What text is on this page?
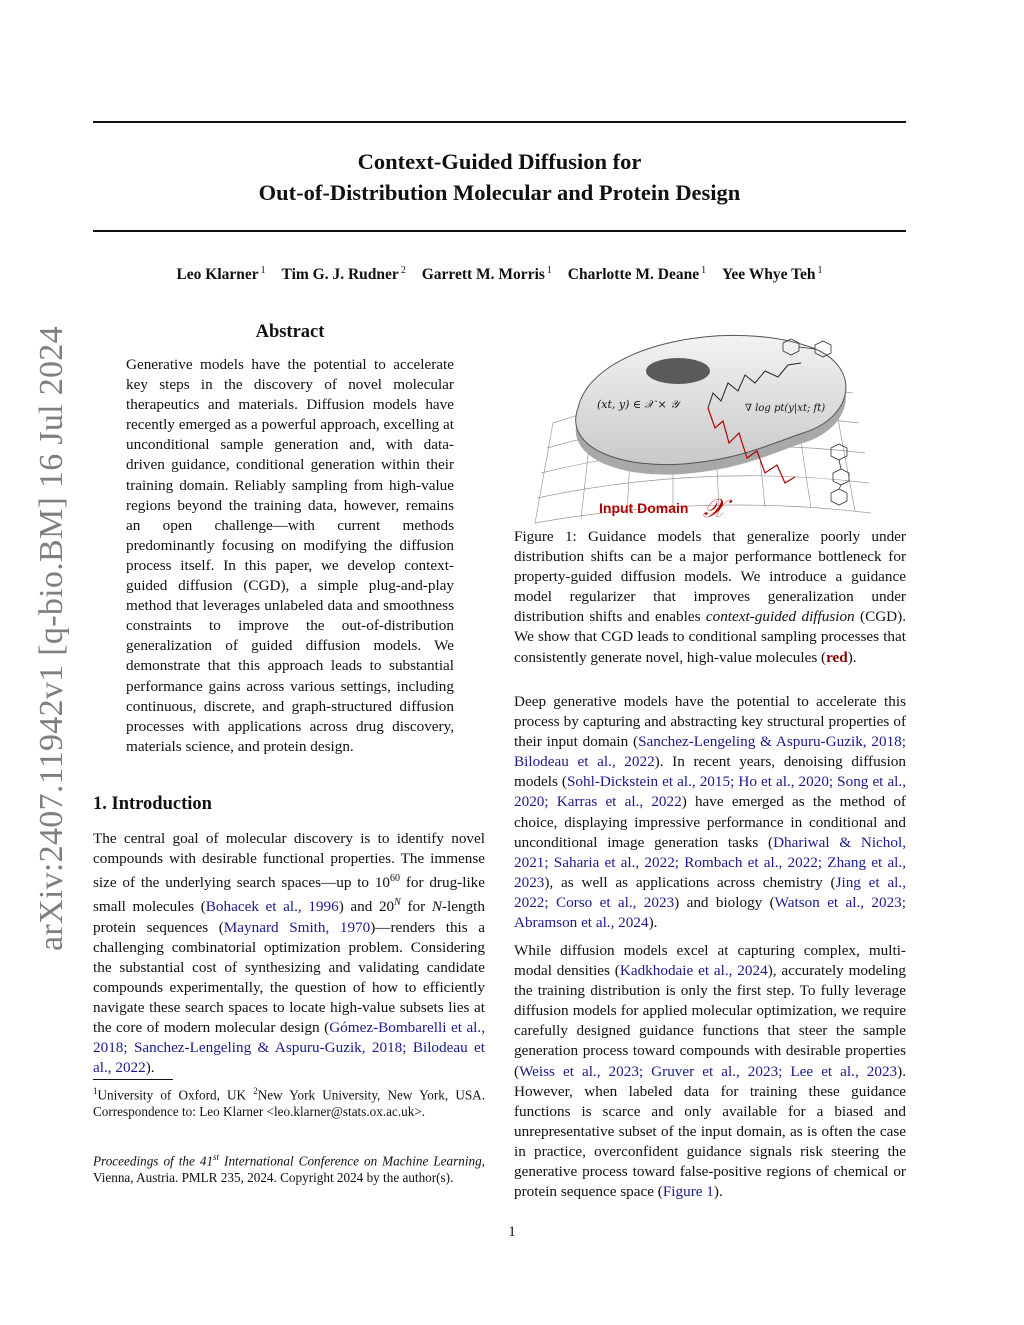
Context-Guided Diffusion for
Out-of-Distribution Molecular and Protein Design
Leo Klarner $^1$ Tim G. J. Rudner $^2$ Garrett M. Morris $^1$ Charlotte M. Deane $^1$ Yee Whye Teh $^1$
arXiv:2407.11942v1 [q-bio.BM] 16 Jul 2024	Abstract
Generative models have the potential to accelerate key steps in the discovery of novel molecular therapeutics and materials. Diffusion models have recently emerged as a powerful approach, excelling at unconditional sample generation and, with data-driven guidance, conditional generation within their training domain. Reliably sampling from high-value regions beyond the training data, however, remains an open challenge—with current methods predominantly focusing on modifying the diffusion process itself. In this paper, we develop context-guided diffusion (CGD), a simple plug-and-play method that leverages unlabeled data and smoothness constraints to improve the out-of-distribution generalization of guided diffusion models. We demonstrate that this approach leads to substantial performance gains across various settings, including continuous, discrete, and graph-structured diffusion processes with applications across drug discovery, materials science, and protein design.
1. Introduction
The central goal of molecular discovery is to identify novel compounds with desirable functional properties. The immense size of the underlying search spaces—up to $10^{60}$ for drug-like small molecules (Bohacek et al., 1996) and $20^N$ for N-length protein sequences (Maynard Smith, 1970)—renders this a challenging combinatorial optimization problem. Considering the substantial cost of synthesizing and validating candidate compounds experimentally, the question of how to efficiently navigate these search spaces to locate high-value subsets lies at the core of modern molecular design (Gómez-Bombarelli et al., 2018; Sanchez-Lengeling & Aspuru-Guzik, 2018; Bilodeau et al., 2022).
$^1$University of Oxford, UK $^2$New York University, New York, USA. Correspondence to: Leo Klarner <leo.klarner@stats.ox.ac.uk>.
Proceedings of the 41st International Conference on Machine Learning, Vienna, Austria. PMLR 235, 2024. Copyright 2024 by the author(s).
(xt, y) ∈ 𝒳 × 𝒴	∇ log pt(y|xt; ft)
Input Domain 𝒳
Figure 1: Guidance models that generalize poorly under distribution shifts can be a major performance bottleneck for property-guided diffusion models. We introduce a guidance model regularizer that improves generalization under distribution shifts and enables context-guided diffusion (CGD). We show that CGD leads to conditional sampling processes that consistently generate novel, high-value molecules (red).
Deep generative models have the potential to accelerate this process by capturing and abstracting key structural properties of their input domain (Sanchez-Lengeling & Aspuru-Guzik, 2018; Bilodeau et al., 2022). In recent years, denoising diffusion models (Sohl-Dickstein et al., 2015; Ho et al., 2020; Song et al., 2020; Karras et al., 2022) have emerged as the method of choice, displaying impressive performance in conditional and unconditional image generation tasks (Dhariwal & Nichol, 2021; Saharia et al., 2022; Rombach et al., 2022; Zhang et al., 2023), as well as applications across chemistry (Jing et al., 2022; Corso et al., 2023) and biology (Watson et al., 2023; Abramson et al., 2024).
While diffusion models excel at capturing complex, multi-modal densities (Kadkhodaie et al., 2024), accurately modeling the training distribution is only the first step. To fully leverage diffusion models for applied molecular optimization, we require carefully designed guidance functions that steer the sample generation process toward compounds with desirable properties (Weiss et al., 2023; Gruver et al., 2023; Lee et al., 2023). However, when labeled data for training these guidance functions is scarce and only available for a biased and unrepresentative subset of the input domain, as is often the case in practice, overconfident guidance signals risk steering the generative process toward false-positive regions of chemical or protein sequence space (Figure 1).
1
